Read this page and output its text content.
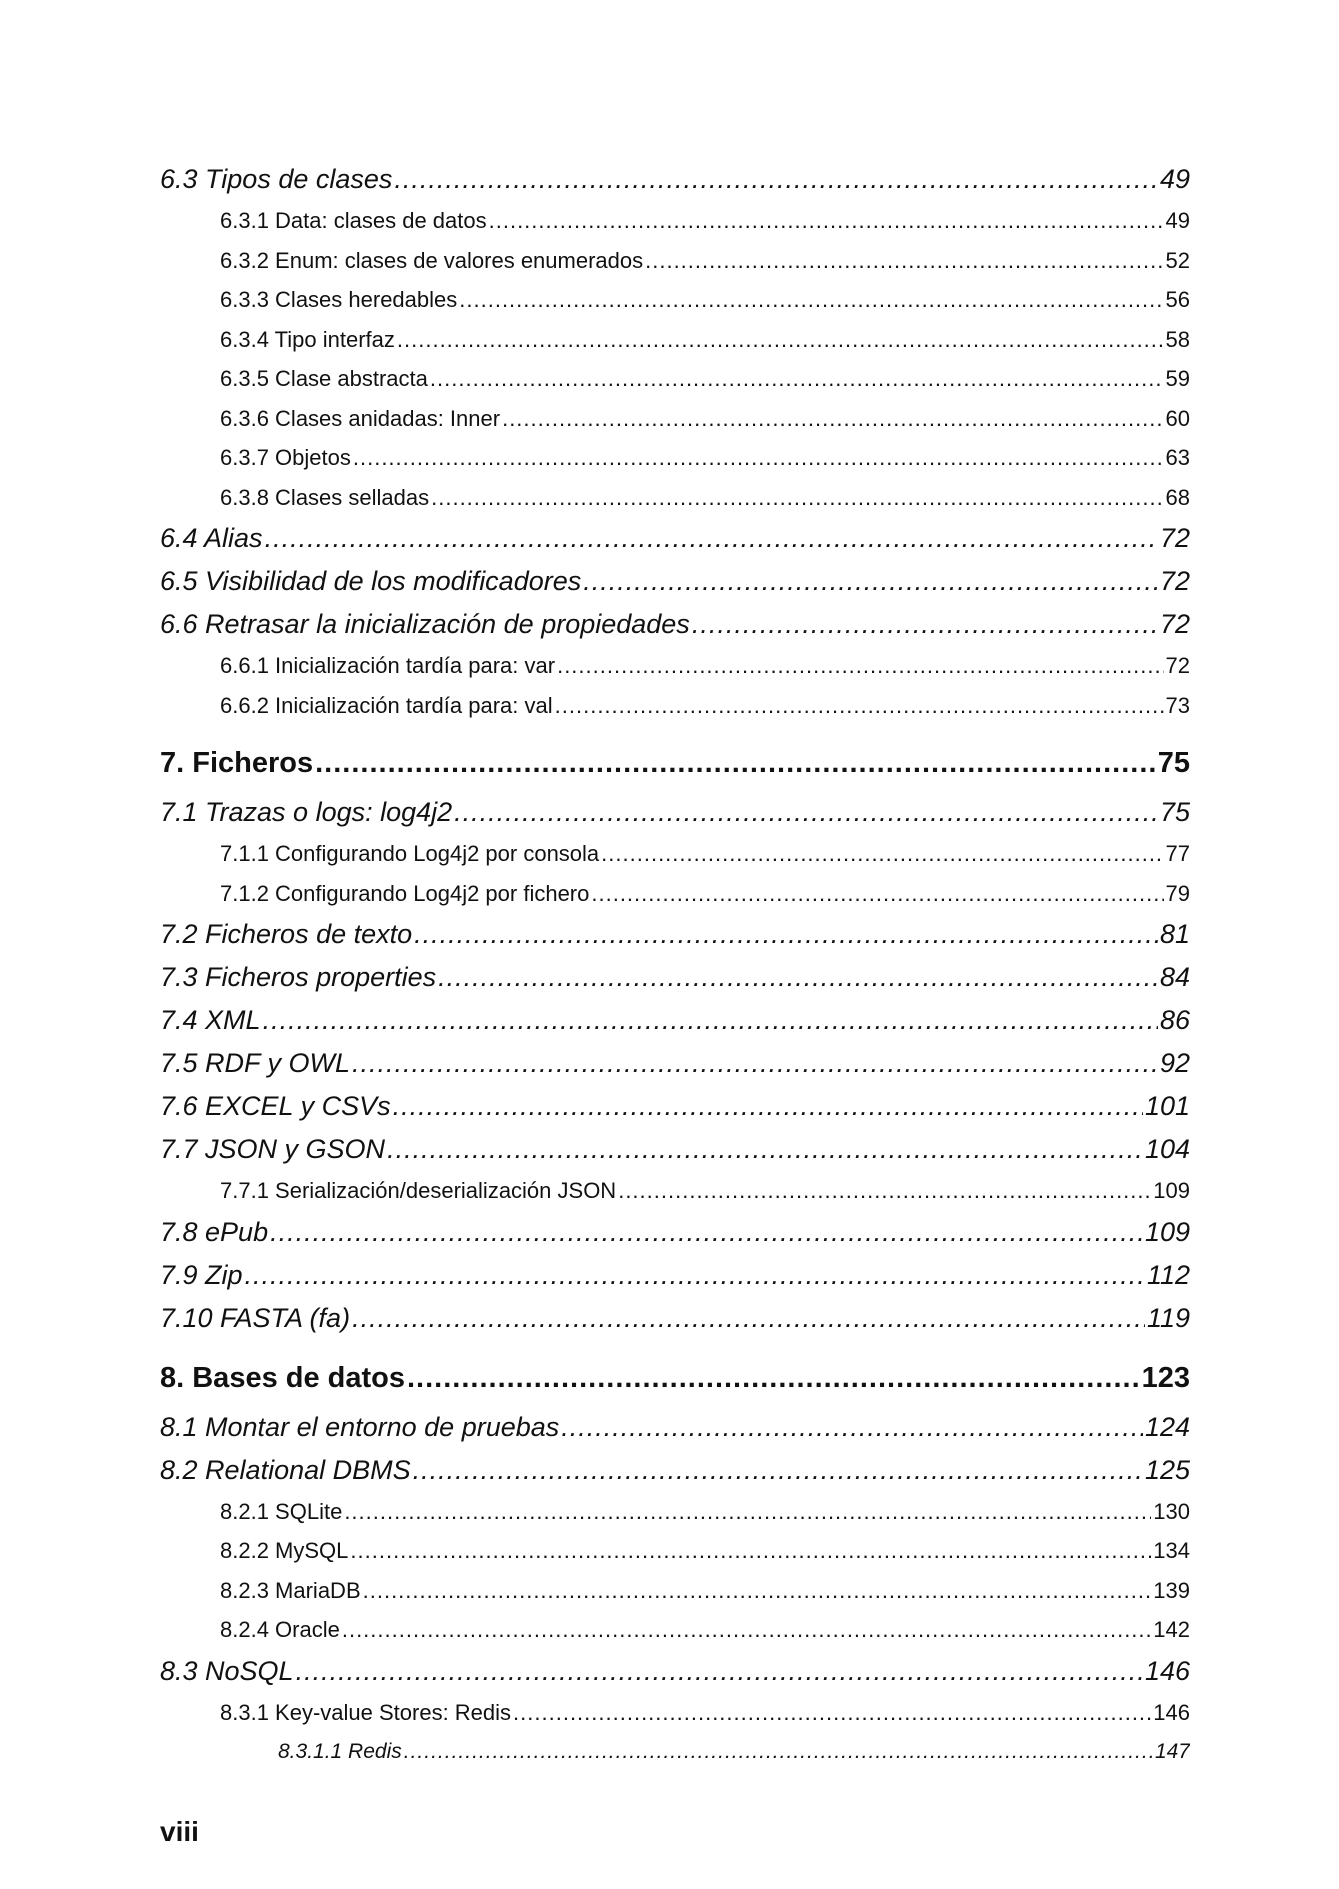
6.3 Tipos de clases .....	49
6.3.1 Data: clases de datos .....	49
6.3.2 Enum: clases de valores enumerados .....	52
6.3.3 Clases heredables .....	56
6.3.4 Tipo interfaz .....	58
6.3.5 Clase abstracta .....	59
6.3.6 Clases anidadas: Inner .....	60
6.3.7 Objetos .....	63
6.3.8 Clases selladas .....	68
6.4 Alias .....	72
6.5 Visibilidad de los modificadores .....	72
6.6 Retrasar la inicialización de propiedades .....	72
6.6.1 Inicialización tardía para: var .....	72
6.6.2 Inicialización tardía para: val .....	73
7. Ficheros .....	75
7.1 Trazas o logs: log4j2 .....	75
7.1.1 Configurando Log4j2 por consola .....	77
7.1.2 Configurando Log4j2 por fichero .....	79
7.2 Ficheros de texto .....	81
7.3 Ficheros properties .....	84
7.4 XML .....	86
7.5 RDF y OWL .....	92
7.6 EXCEL y CSVs .....	101
7.7 JSON y GSON .....	104
7.7.1 Serialización/deserialización JSON .....	109
7.8 ePub .....	109
7.9 Zip .....	112
7.10 FASTA (fa) .....	119
8. Bases de datos .....	123
8.1 Montar el entorno de pruebas .....	124
8.2 Relational DBMS .....	125
8.2.1 SQLite .....	130
8.2.2 MySQL .....	134
8.2.3 MariaDB .....	139
8.2.4 Oracle .....	142
8.3 NoSQL .....	146
8.3.1 Key-value Stores: Redis .....	146
8.3.1.1 Redis .....	147
viii
